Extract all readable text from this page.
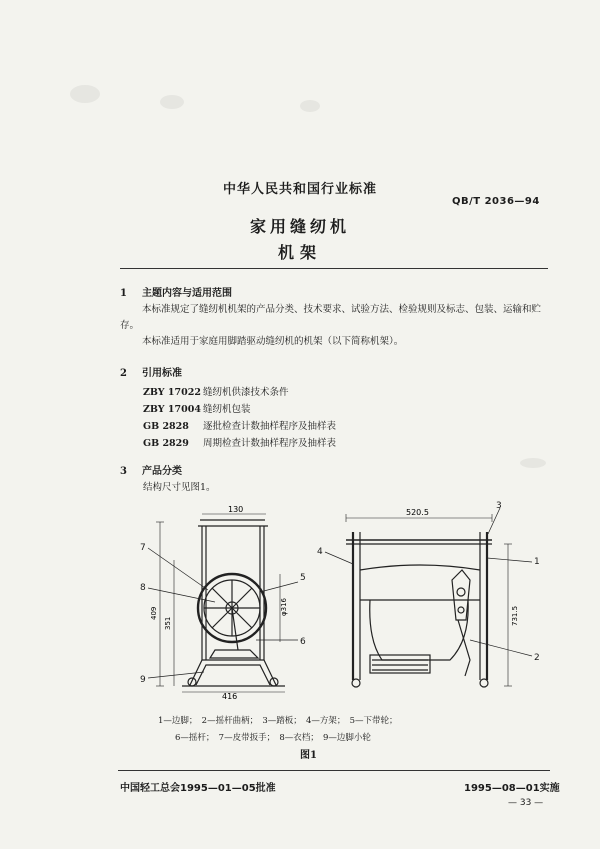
中华人民共和国行业标准
QB/T 2036—94
家用缝纫机
机架
1 主题内容与适用范围
本标准规定了缝纫机机架的产品分类、技术要求、试验方法、检验规则及标志、包装、运输和贮存。
本标准适用于家庭用脚踏驱动缝纫机的机架（以下简称机架）。
2 引用标准
ZBY 17022 缝纫机供漆技术条件
ZBY 17004 缝纫机包装
GB 2828 逐批检查计数抽样程序及抽样表
GB 2829 周期检查计数抽样程序及抽样表
3 产品分类
结构尺寸见图1。
130
416
409
351
φ316
520.5
731.5
7
8
5
6
9
4
1
2
3
1—边脚；　2—摇杆曲柄；　3—踏板；　4—方架；　5—下带轮；
6—摇杆；　7—皮带扳手；　8—衣档；　9—边脚小轮
图1
中国轻工总会1995—01—05批准	1995—08—01实施
— 33 —
